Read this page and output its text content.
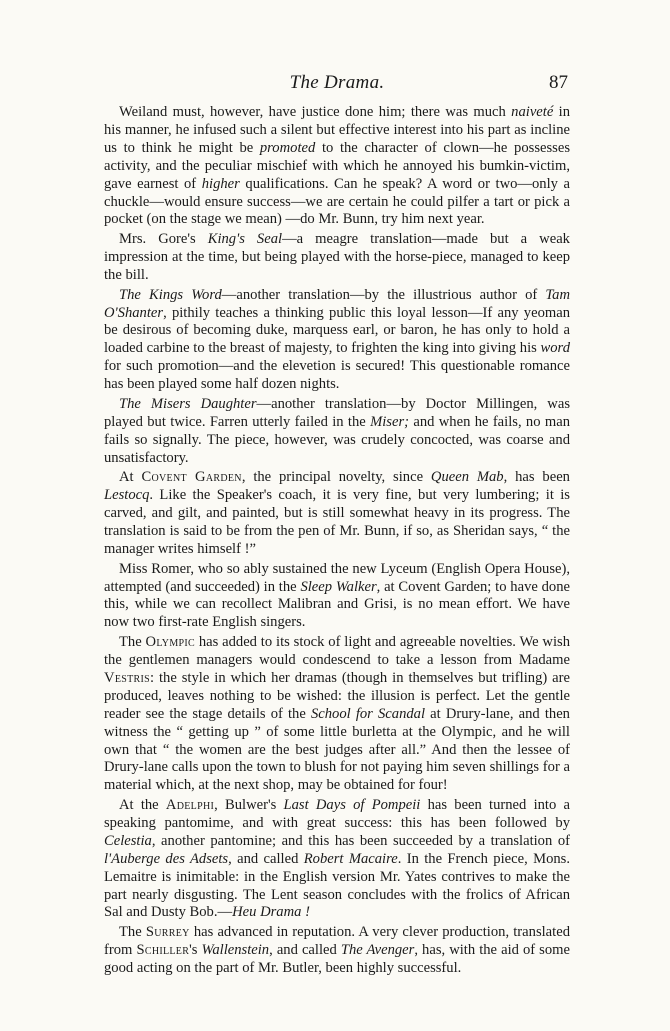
The Drama.	87

Weiland must, however, have justice done him; there was much naiveté in his manner, he infused such a silent but effective interest into his part as incline us to think he might be promoted to the character of clown—he possesses activity, and the peculiar mischief with which he annoyed his bumkin-victim, gave earnest of higher qualifications. Can he speak? A word or two—only a chuckle—would ensure success—we are certain he could pilfer a tart or pick a pocket (on the stage we mean) —do Mr. Bunn, try him next year.

Mrs. Gore's King's Seal—a meagre translation—made but a weak impression at the time, but being played with the horse-piece, managed to keep the bill.

The Kings Word—another translation—by the illustrious author of Tam O'Shanter, pithily teaches a thinking public this loyal lesson—If any yeoman be desirous of becoming duke, marquess earl, or baron, he has only to hold a loaded carbine to the breast of majesty, to frighten the king into giving his word for such promotion—and the elevetion is secured! This questionable romance has been played some half dozen nights.

The Misers Daughter—another translation—by Doctor Millingen, was played but twice. Farren utterly failed in the Miser; and when he fails, no man fails so signally. The piece, however, was crudely concocted, was coarse and unsatisfactory.

At Covent Garden, the principal novelty, since Queen Mab, has been Lestocq. Like the Speaker's coach, it is very fine, but very lumbering; it is carved, and gilt, and painted, but is still somewhat heavy in its progress. The translation is said to be from the pen of Mr. Bunn, if so, as Sheridan says, “ the manager writes himself !”

Miss Romer, who so ably sustained the new Lyceum (English Opera House), attempted (and succeeded) in the Sleep Walker, at Covent Garden; to have done this, while we can recollect Malibran and Grisi, is no mean effort. We have now two first-rate English singers.

The Olympic has added to its stock of light and agreeable novelties. We wish the gentlemen managers would condescend to take a lesson from Madame Vestris: the style in which her dramas (though in themselves but trifling) are produced, leaves nothing to be wished: the illusion is perfect. Let the gentle reader see the stage details of the School for Scandal at Drury-lane, and then witness the “ getting up ” of some little burletta at the Olympic, and he will own that “ the women are the best judges after all.” And then the lessee of Drury-lane calls upon the town to blush for not paying him seven shillings for a material which, at the next shop, may be obtained for four!

At the Adelphi, Bulwer's Last Days of Pompeii has been turned into a speaking pantomime, and with great success: this has been followed by Celestia, another pantomine; and this has been succeeded by a translation of l'Auberge des Adsets, and called Robert Macaire. In the French piece, Mons. Lemaitre is inimitable: in the English version Mr. Yates contrives to make the part nearly disgusting. The Lent season concludes with the frolics of African Sal and Dusty Bob.—Heu Drama !

The Surrey has advanced in reputation. A very clever production, translated from Schiller's Wallenstein, and called The Avenger, has, with the aid of some good acting on the part of Mr. Butler, been highly successful.
